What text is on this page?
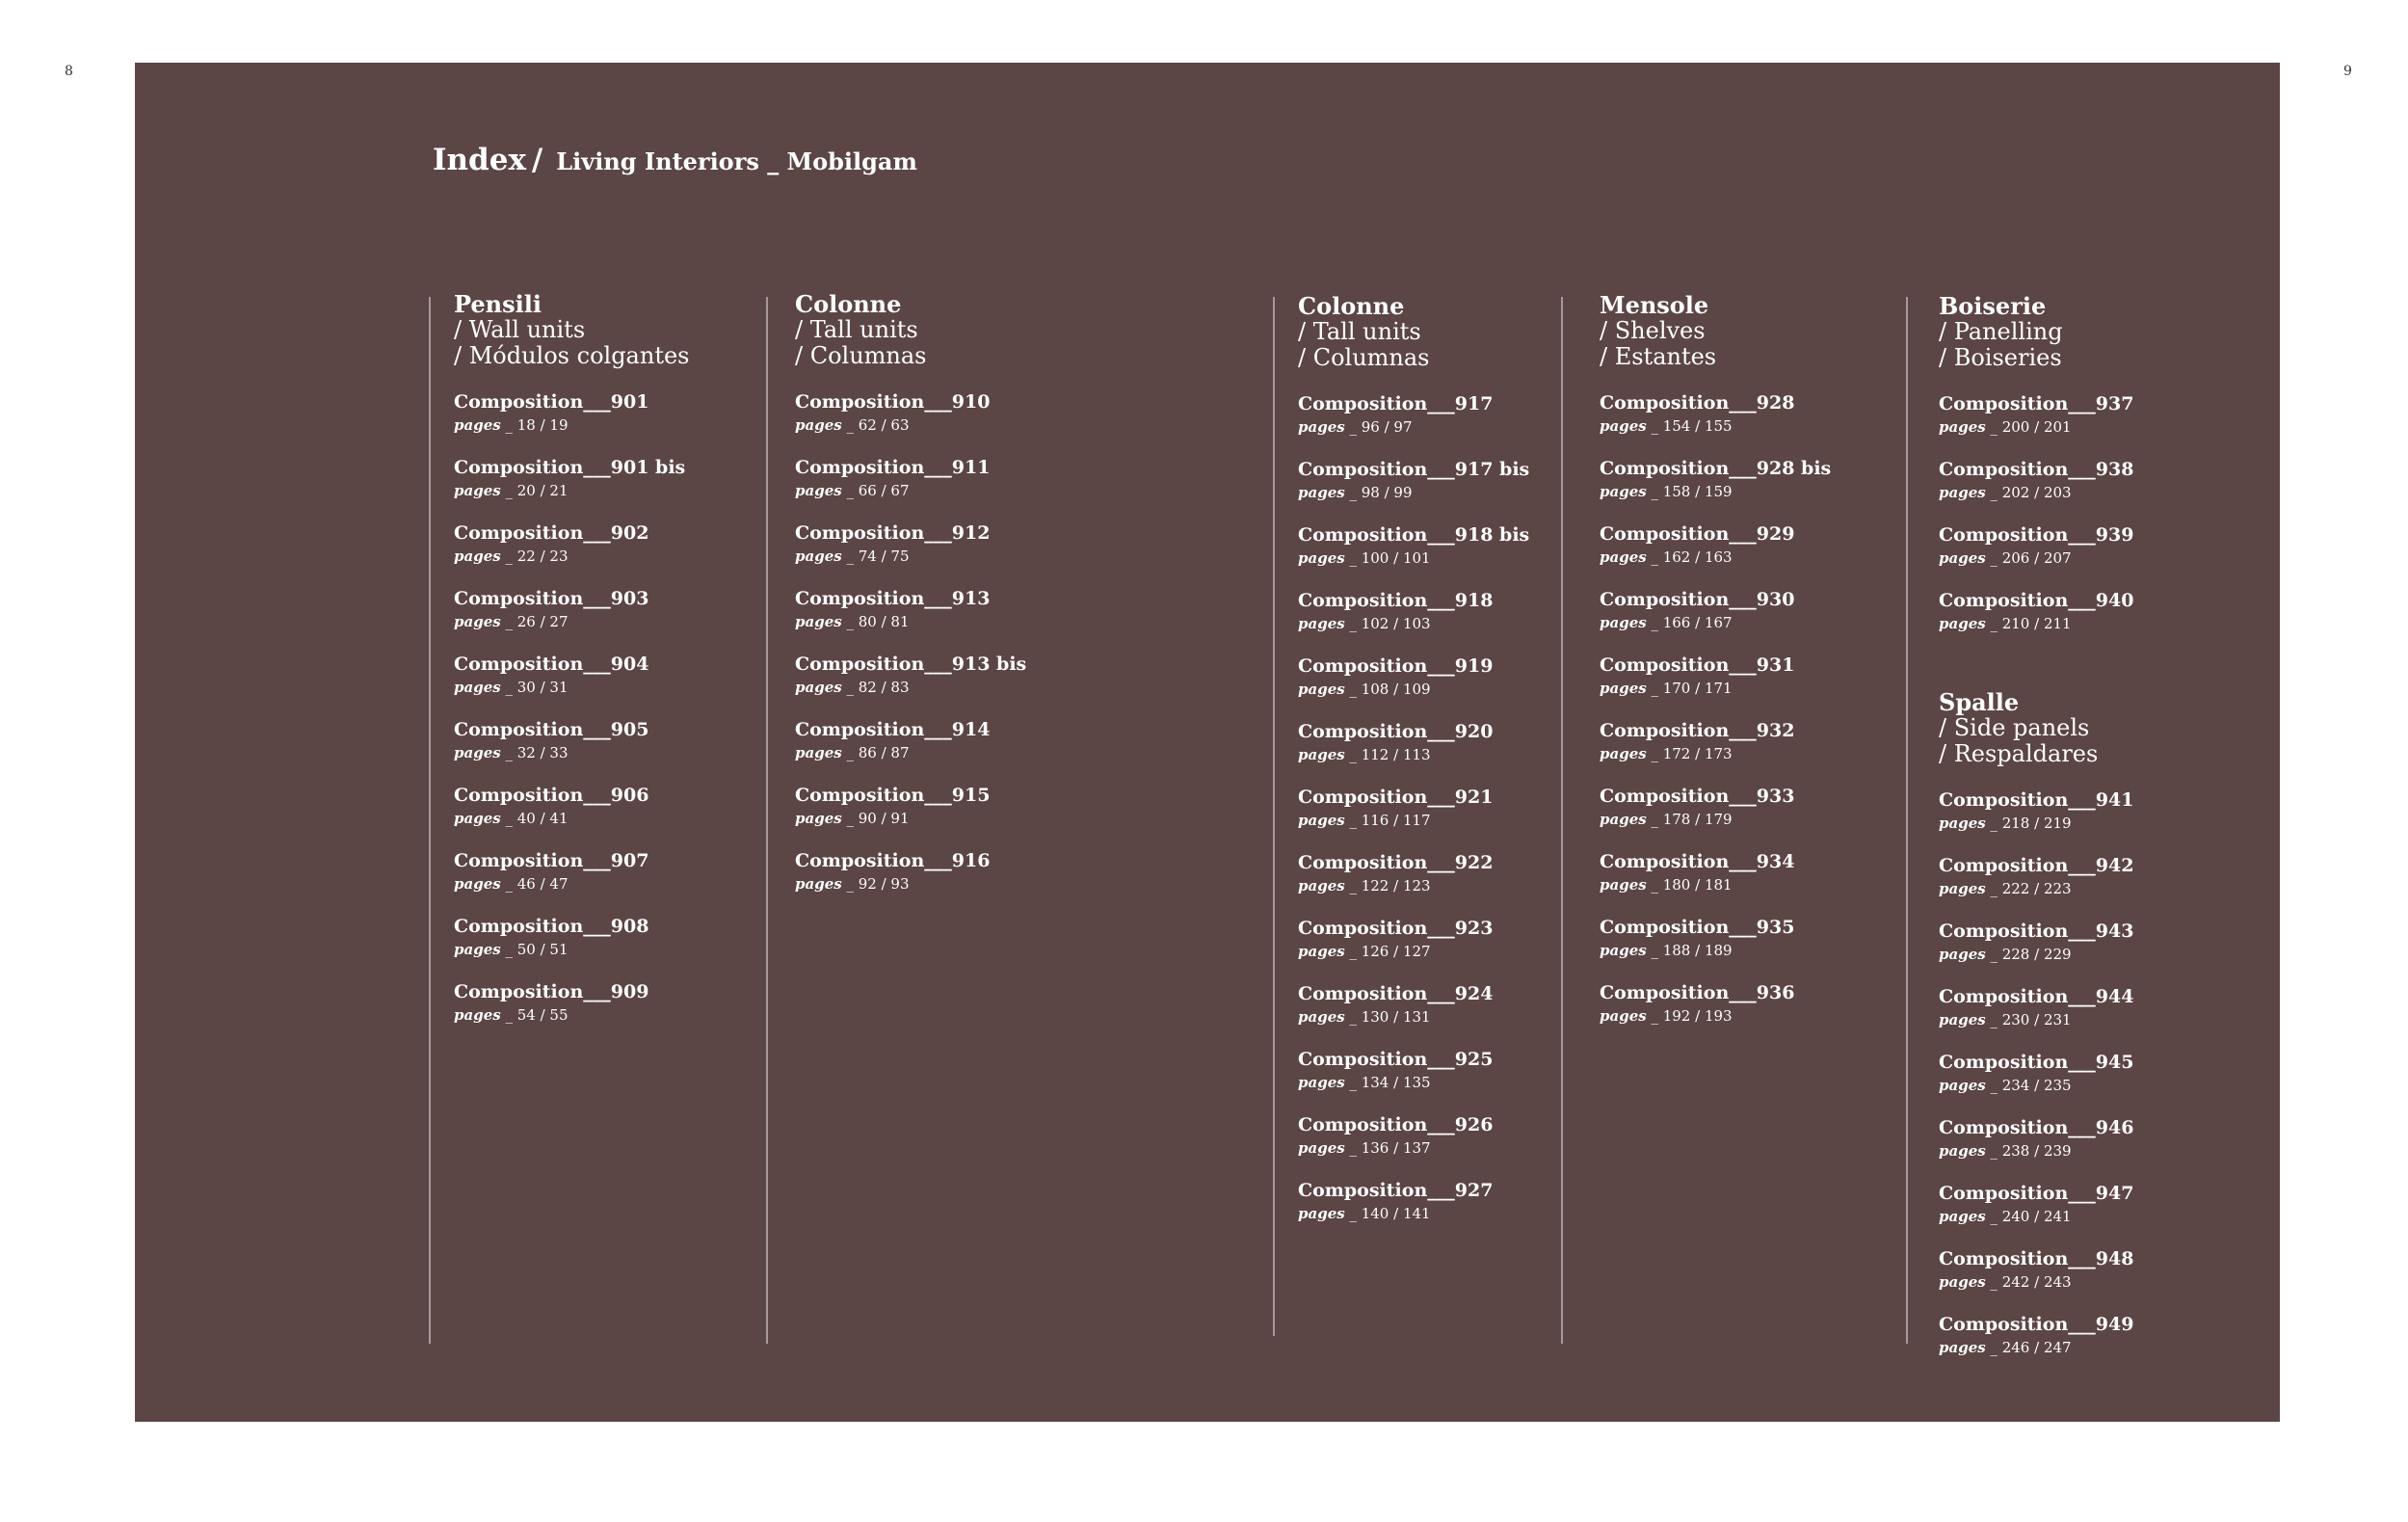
8	9
Index / Living Interiors _ Mobilgam
Pensili
/ Wall units
/ Módulos colgantes
Composition___901
pages _ 18 / 19
Composition___901 bis
pages _ 20 / 21
Composition___902
pages _ 22 / 23
Composition___903
pages _ 26 / 27
Composition___904
pages _ 30 / 31
Composition___905
pages _ 32 / 33
Composition___906
pages _ 40 / 41
Composition___907
pages _ 46 / 47
Composition___908
pages _ 50 / 51
Composition___909
pages _ 54 / 55
Colonne
/ Tall units
/ Columnas
Composition___910
pages _ 62 / 63
Composition___911
pages _ 66 / 67
Composition___912
pages _ 74 / 75
Composition___913
pages _ 80 / 81
Composition___913 bis
pages _ 82 / 83
Composition___914
pages _ 86 / 87
Composition___915
pages _ 90 / 91
Composition___916
pages _ 92 / 93
Colonne
/ Tall units
/ Columnas
Composition___917
pages _ 96 / 97
Composition___917 bis
pages _ 98 / 99
Composition___918 bis
pages _ 100 / 101
Composition___918
pages _ 102 / 103
Composition___919
pages _ 108 / 109
Composition___920
pages _ 112 / 113
Composition___921
pages _ 116 / 117
Composition___922
pages _ 122 / 123
Composition___923
pages _ 126 / 127
Composition___924
pages _ 130 / 131
Composition___925
pages _ 134 / 135
Composition___926
pages _ 136 / 137
Composition___927
pages _ 140 / 141
Mensole
/ Shelves
/ Estantes
Composition___928
pages _ 154 / 155
Composition___928 bis
pages _ 158 / 159
Composition___929
pages _ 162 / 163
Composition___930
pages _ 166 / 167
Composition___931
pages _ 170 / 171
Composition___932
pages _ 172 / 173
Composition___933
pages _ 178 / 179
Composition___934
pages _ 180 / 181
Composition___935
pages _ 188 / 189
Composition___936
pages _ 192 / 193
Boiserie
/ Panelling
/ Boiseries
Composition___937
pages _ 200 / 201
Composition___938
pages _ 202 / 203
Composition___939
pages _ 206 / 207
Composition___940
pages _ 210 / 211
Spalle
/ Side panels
/ Respaldares
Composition___941
pages _ 218 / 219
Composition___942
pages _ 222 / 223
Composition___943
pages _ 228 / 229
Composition___944
pages _ 230 / 231
Composition___945
pages _ 234 / 235
Composition___946
pages _ 238 / 239
Composition___947
pages _ 240 / 241
Composition___948
pages _ 242 / 243
Composition___949
pages _ 246 / 247
